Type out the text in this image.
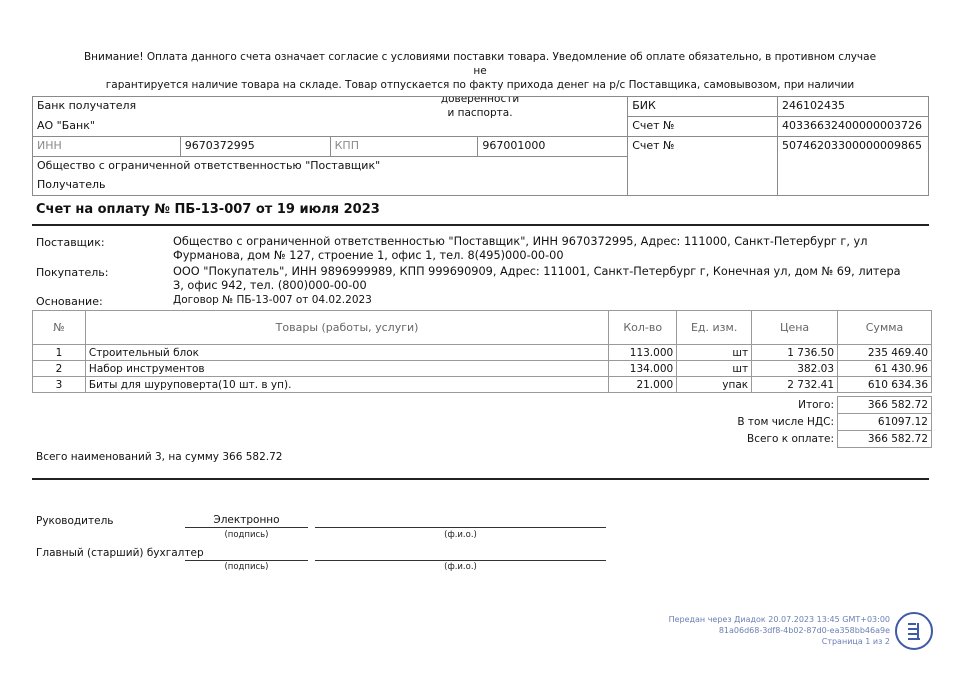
Внимание! Оплата данного счета означает согласие с условиями поставки товара. Уведомление об оплате обязательно, в противном случае не
гарантируется наличие товара на складе. Товар отпускается по факту прихода денег на р/с Поставщика, самовывозом, при наличии доверенности
и паспорта.
Банк получателя				БИК	246102435
АО "Банк"				Счет №	40336632400000003726
ИНН	9670372995	КПП	967001000	Счет №	50746203300000009865
Общество с ограниченной ответственностью "Поставщик"					
Получатель					
Счет на оплату № ПБ-13-007 от 19 июля 2023
Поставщик:	Общество с ограниченной ответственностью "Поставщик", ИНН 9670372995, Адрес: 111000, Санкт-Петербург г, ул Фурманова, дом № 127, строение 1, офис 1, тел. 8(495)000-00-00
Покупатель:	ООО "Покупатель", ИНН 9896999989, КПП 999690909, Адрес: 111001, Санкт-Петербург г, Конечная ул, дом № 69, литера З, офис 942, тел. (800)000-00-00
Основание:	Договор № ПБ-13-007 от 04.02.2023
№	Товары (работы, услуги)	Кол-во	Ед. изм.	Цена	Сумма
1	Строительный блок	113.000	шт	1 736.50	235 469.40
2	Набор инструментов	134.000	шт	382.03	61 430.96
3	Биты для шуруповерта(10 шт. в уп).	21.000	упак	2 732.41	610 634.36
Итого:	366 582.72
В том числе НДС:	61097.12
Всего к оплате:	366 582.72
Всего наименований 3, на сумму 366 582.72
Руководитель	Электронно
(подпись)	(ф.и.о.)
Главный (старший) бухгалтер
(подпись)	(ф.и.о.)
Передан через Диадок 20.07.2023 13:45 GMT+03:00
81a06d68-3df8-4b02-87d0-ea358bb46a9e
Страница 1 из 2
